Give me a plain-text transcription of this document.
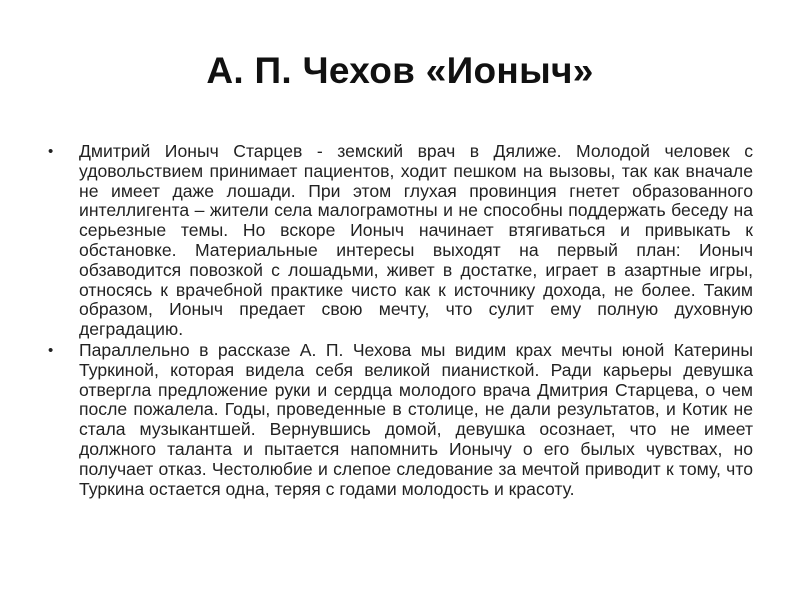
А. П. Чехов «Ионыч»
•	Дмитрий Ионыч Старцев - земский врач в Дялиже. Молодой человек с удовольствием принимает пациентов, ходит пешком на вызовы, так как вначале не имеет даже лошади. При этом глухая провинция гнетет образованного интеллигента – жители села малограмотны и не способны поддержать беседу на серьезные темы. Но вскоре Ионыч начинает втягиваться и привыкать к обстановке. Материальные интересы выходят на первый план: Ионыч обзаводится повозкой с лошадьми, живет в достатке, играет в азартные игры, относясь к врачебной практике чисто как к источнику дохода, не более. Таким образом, Ионыч предает свою мечту, что сулит ему полную духовную деградацию.
•	Параллельно в рассказе А. П. Чехова мы видим крах мечты юной Катерины Туркиной, которая видела себя великой пианисткой. Ради карьеры девушка отвергла предложение руки и сердца молодого врача Дмитрия Старцева, о чем после пожалела. Годы, проведенные в столице, не дали результатов, и Котик не стала музыкантшей. Вернувшись домой, девушка осознает, что не имеет должного таланта и пытается напомнить Ионычу о его былых чувствах, но получает отказ. Честолюбие и слепое следование за мечтой приводит к тому, что Туркина остается одна, теряя с годами молодость и красоту.
